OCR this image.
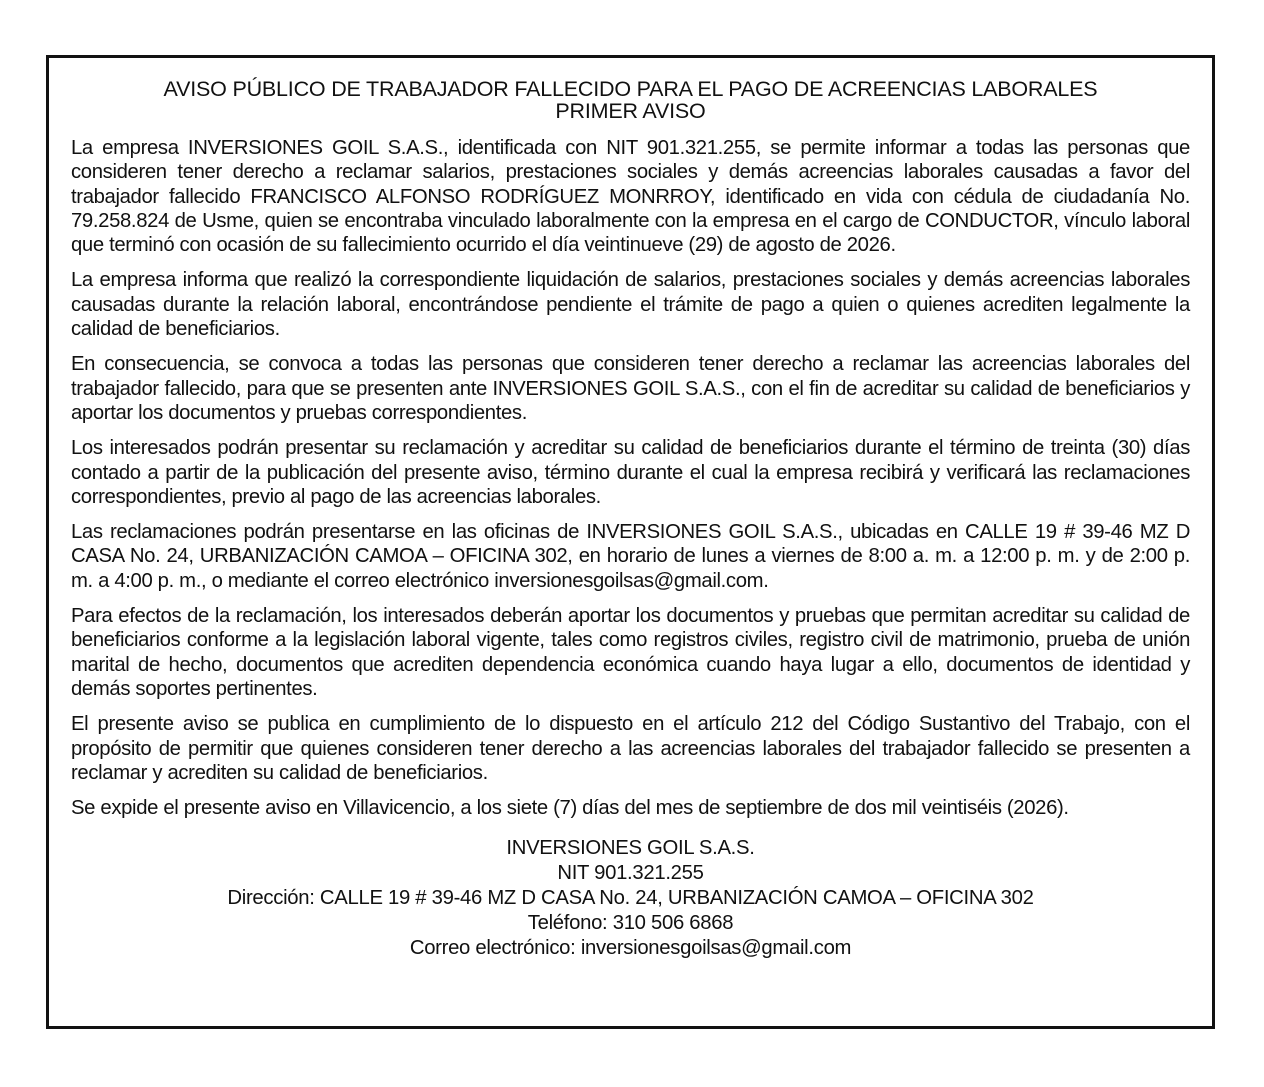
AVISO PÚBLICO DE TRABAJADOR FALLECIDO PARA EL PAGO DE ACREENCIAS LABORALES
PRIMER AVISO

La empresa INVERSIONES GOIL S.A.S., identificada con NIT 901.321.255, se permite informar a todas las personas que consideren tener derecho a reclamar salarios, prestaciones sociales y demás acreencias laborales causadas a favor del trabajador fallecido FRANCISCO ALFONSO RODRÍGUEZ MONRROY, identificado en vida con cédula de ciudadanía No. 79.258.824 de Usme, quien se encontraba vinculado laboralmente con la empresa en el cargo de CONDUCTOR, vínculo laboral que terminó con ocasión de su fallecimiento ocurrido el día veintinueve (29) de agosto de 2026.

La empresa informa que realizó la correspondiente liquidación de salarios, prestaciones sociales y demás acreencias laborales causadas durante la relación laboral, encontrándose pendiente el trámite de pago a quien o quienes acrediten legalmente la calidad de beneficiarios.

En consecuencia, se convoca a todas las personas que consideren tener derecho a reclamar las acreencias laborales del trabajador fallecido, para que se presenten ante INVERSIONES GOIL S.A.S., con el fin de acreditar su calidad de beneficiarios y aportar los documentos y pruebas correspondientes.

Los interesados podrán presentar su reclamación y acreditar su calidad de beneficiarios durante el término de treinta (30) días contado a partir de la publicación del presente aviso, término durante el cual la empresa recibirá y verificará las reclamaciones correspondientes, previo al pago de las acreencias laborales.

Las reclamaciones podrán presentarse en las oficinas de INVERSIONES GOIL S.A.S., ubicadas en CALLE 19 # 39-46 MZ D CASA No. 24, URBANIZACIÓN CAMOA – OFICINA 302, en horario de lunes a viernes de 8:00 a. m. a 12:00 p. m. y de 2:00 p. m. a 4:00 p. m., o mediante el correo electrónico inversionesgoilsas@gmail.com.

Para efectos de la reclamación, los interesados deberán aportar los documentos y pruebas que permitan acreditar su calidad de beneficiarios conforme a la legislación laboral vigente, tales como registros civiles, registro civil de matrimonio, prueba de unión marital de hecho, documentos que acrediten dependencia económica cuando haya lugar a ello, documentos de identidad y demás soportes pertinentes.

El presente aviso se publica en cumplimiento de lo dispuesto en el artículo 212 del Código Sustantivo del Trabajo, con el propósito de permitir que quienes consideren tener derecho a las acreencias laborales del trabajador fallecido se presenten a reclamar y acrediten su calidad de beneficiarios.

Se expide el presente aviso en Villavicencio, a los siete (7) días del mes de septiembre de dos mil veintiséis (2026).

INVERSIONES GOIL S.A.S.
NIT 901.321.255
Dirección: CALLE 19 # 39-46 MZ D CASA No. 24, URBANIZACIÓN CAMOA – OFICINA 302
Teléfono: 310 506 6868
Correo electrónico: inversionesgoilsas@gmail.com
